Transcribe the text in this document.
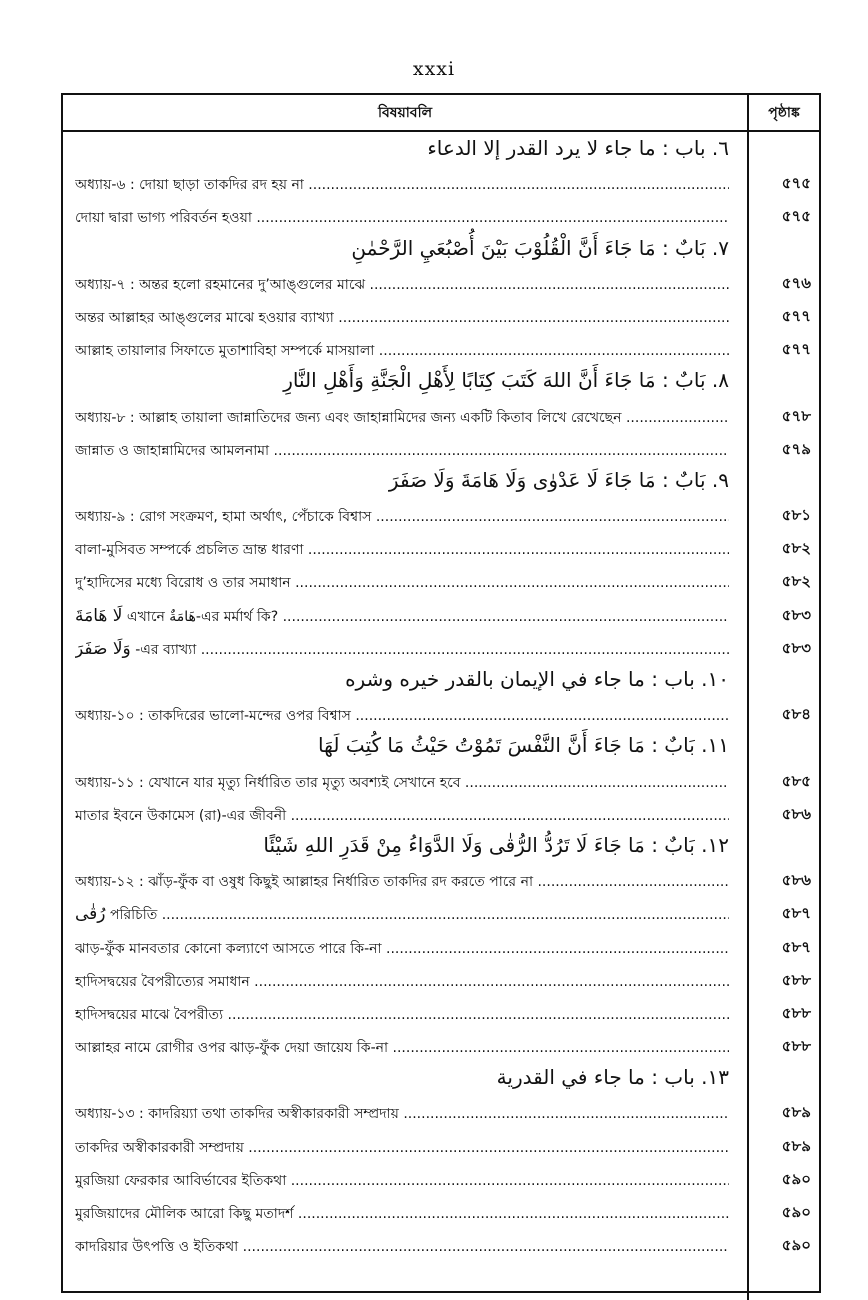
xxxi
বিষয়াবলি	পৃষ্ঠাঙ্ক
٦. باب : ما جاء لا يرد القدر إلا الدعاء
অধ্যায়-৬ : দোয়া ছাড়া তাকদির রদ হয় না .....	৫৭৫
দোয়া দ্বারা ভাগ্য পরিবর্তন হওয়া .....	৫৭৫
٧. بَابٌ : مَا جَاءَ أَنَّ الْقُلُوْبَ بَيْنَ أُصْبُعَيِ الرَّحْمٰنِ
অধ্যায়-৭ : অন্তর হলো রহমানের দু’আঙ্গুলের মাঝে .....	৫৭৬
অন্তর আল্লাহর আঙ্গুলের মাঝে হওয়ার ব্যাখ্যা .....	৫৭৭
আল্লাহ তায়ালার সিফাতে মুতাশাবিহা সম্পর্কে মাসয়ালা .....	৫৭৭
٨. بَابٌ : مَا جَاءَ أَنَّ اللهَ كَتَبَ كِتَابًا لِأَهْلِ الْجَنَّةِ وَأَهْلِ النَّارِ
অধ্যায়-৮ : আল্লাহ তায়ালা জান্নাতিদের জন্য এবং জাহান্নামিদের জন্য একটি কিতাব লিখে রেখেছেন .....	৫৭৮
জান্নাত ও জাহান্নামিদের আমলনামা .....	৫৭৯
٩. بَابٌ : مَا جَاءَ لَا عَدْوٰى وَلَا هَامَةَ وَلَا صَفَرَ
অধ্যায়-৯ : রোগ সংক্রমণ, হামা অর্থাৎ, পেঁচাকে বিশ্বাস .....	৫৮১
বালা-মুসিবত সম্পর্কে প্রচলিত ভ্রান্ত ধারণা .....	৫৮২
দু’হাদিসের মধ্যে বিরোধ ও তার সমাধান .....	৫৮২
لَا هَامَةَ এখানে هَامَةٌ-এর মর্মার্থ কি? .....	৫৮৩
وَلَا صَفَرَ -এর ব্যাখ্যা .....	৫৮৩
١٠. باب : ما جاء في الإيمان بالقدر خيره وشره
অধ্যায়-১০ : তাকদিরের ভালো-মন্দের ওপর বিশ্বাস .....	৫৮৪
١١. بَابٌ : مَا جَاءَ أَنَّ النَّفْسَ تَمُوْتُ حَيْثُ مَا كُتِبَ لَهَا
অধ্যায়-১১ : যেখানে যার মৃত্যু নির্ধারিত তার মৃত্যু অবশ্যই সেখানে হবে .....	৫৮৫
মাতার ইবনে উকামেস (রা)-এর জীবনী .....	৫৮৬
١٢. بَابٌ : مَا جَاءَ لَا تَرُدُّ الرُّقٰى وَلَا الدَّوَاءُ مِنْ قَدَرِ اللهِ شَيْئًا
অধ্যায়-১২ : ঝাঁড়-ফুঁক বা ওষুধ কিছুই আল্লাহর নির্ধারিত তাকদির রদ করতে পারে না .....	৫৮৬
رُقٰى পরিচিতি .....	৫৮৭
ঝাড়-ফুঁক মানবতার কোনো কল্যাণে আসতে পারে কি-না .....	৫৮৭
হাদিসদ্বয়ের বৈপরীত্যের সমাধান .....	৫৮৮
হাদিসদ্বয়ের মাঝে বৈপরীত্য .....	৫৮৮
আল্লাহর নামে রোগীর ওপর ঝাড়-ফুঁক দেয়া জায়েয কি-না .....	৫৮৮
١٣. باب : ما جاء في القدرية
অধ্যায়-১৩ : কাদরিয়্যা তথা তাকদির অস্বীকারকারী সম্প্রদায় .....	৫৮৯
তাকদির অস্বীকারকারী সম্প্রদায় .....	৫৮৯
মুরজিয়া ফেরকার আবির্ভাবের ইতিকথা .....	৫৯০
মুরজিয়াদের মৌলিক আরো কিছু মতাদর্শ .....	৫৯০
কাদরিয়ার উৎপত্তি ও ইতিকথা .....	৫৯০
